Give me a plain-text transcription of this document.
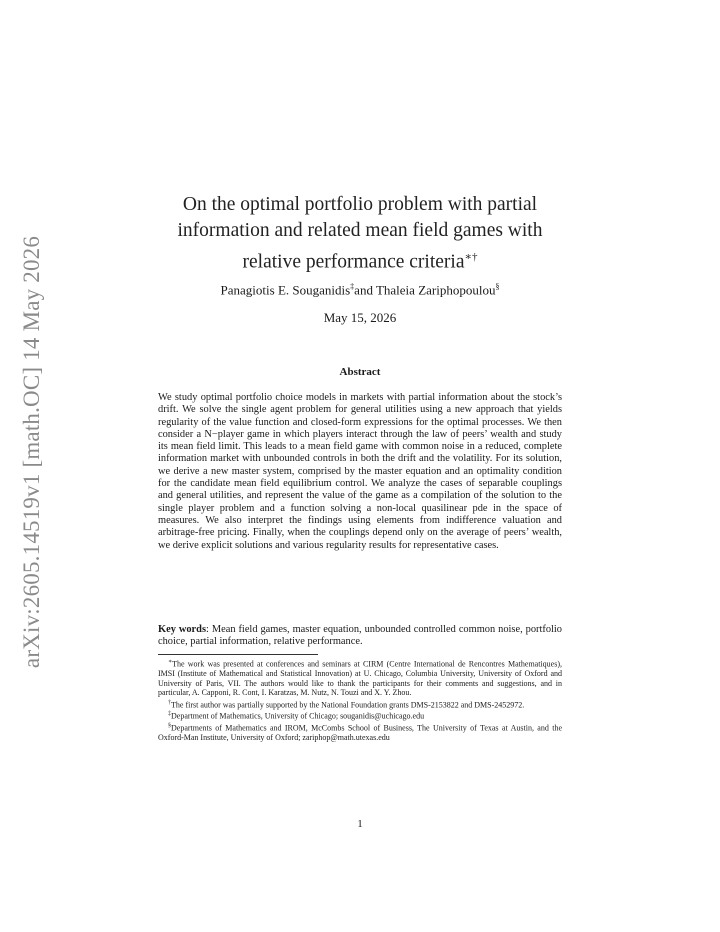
arXiv:2605.14519v1 [math.OC] 14 May 2026
On the optimal portfolio problem with partial information and related mean field games with relative performance criteria∗†
Panagiotis E. Souganidis‡and Thaleia Zariphopoulou§
May 15, 2026
Abstract

We study optimal portfolio choice models in markets with partial information about the stock’s drift. We solve the single agent problem for general utilities using a new approach that yields regularity of the value function and closed-form expressions for the optimal processes. We then consider a N−player game in which players interact through the law of peers’ wealth and study its mean field limit. This leads to a mean field game with common noise in a reduced, complete information market with unbounded controls in both the drift and the volatility. For its solution, we derive a new master system, comprised by the master equation and an optimality condition for the candidate mean field equilibrium control. We analyze the cases of separable couplings and general utilities, and represent the value of the game as a compilation of the solution to the single player problem and a function solving a non-local quasilinear pde in the space of measures. We also interpret the findings using elements from indifference valuation and arbitrage-free pricing. Finally, when the couplings depend only on the average of peers’ wealth, we derive explicit solutions and various regularity results for representative cases.

Key words: Mean field games, master equation, unbounded controlled common noise, portfolio choice, partial information, relative performance.

∗The work was presented at conferences and seminars at CIRM (Centre International de Rencontres Mathematiques), IMSI (Institute of Mathematical and Statistical Innovation) at U. Chicago, Columbia University, University of Oxford and University of Paris, VII. The authors would like to thank the participants for their comments and suggestions, and in particular, A. Capponi, R. Cont, I. Karatzas, M. Nutz, N. Touzi and X. Y. Zhou.

†The first author was partially supported by the National Foundation grants DMS-2153822 and DMS-2452972.

‡Department of Mathematics, University of Chicago; souganidis@uchicago.edu

§Departments of Mathematics and IROM, McCombs School of Business, The University of Texas at Austin, and the Oxford-Man Institute, University of Oxford; zariphop@math.utexas.edu

1
